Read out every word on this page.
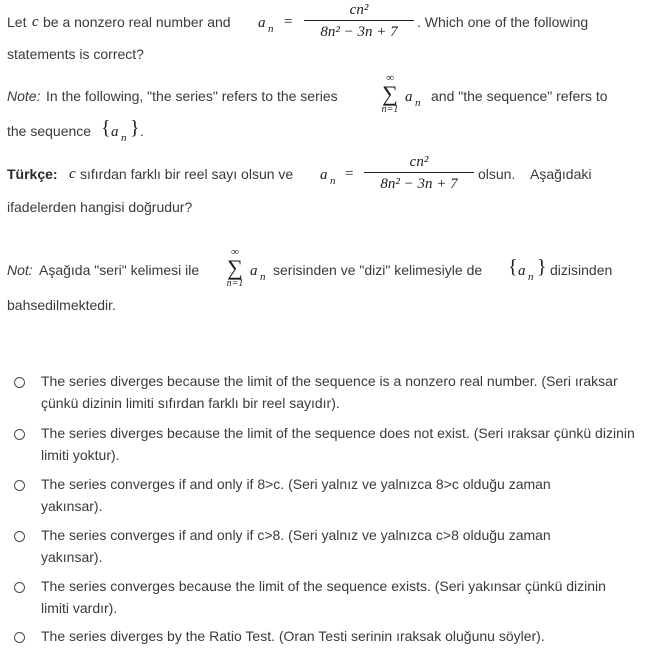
Let c be a nonzero real number and a n =
cn²
8n² − 3n + 7
. Which one of the following
statements is correct?
Note: In the following, "the series" refers to the series
∞
∑
n=1
a n and "the sequence" refers to
the sequence { a n } .
Türkçe: c sıfırdan farklı bir reel sayı olsun ve a n =
cn²
8n² − 3n + 7
olsun. Aşağıdaki
ifadelerden hangisi doğrudur?
Not: Aşağıda "seri" kelimesi ile
∞
∑
n=1
a n serisinden ve "dizi" kelimesiyle de { a n } dizisinden
bahsedilmektedir.
The series diverges because the limit of the sequence is a nonzero real number. (Seri ıraksar çünkü dizinin limiti sıfırdan farklı bir reel sayıdır).
The series diverges because the limit of the sequence does not exist. (Seri ıraksar çünkü dizinin limiti yoktur).
The series converges if and only if 8>c. (Seri yalnız ve yalnızca 8>c olduğu zaman yakınsar).
The series converges if and only if c>8. (Seri yalnız ve yalnızca c>8 olduğu zaman yakınsar).
The series converges because the limit of the sequence exists. (Seri yakınsar çünkü dizinin limiti vardır).
The series diverges by the Ratio Test. (Oran Testi serinin ıraksak oluğunu söyler).
